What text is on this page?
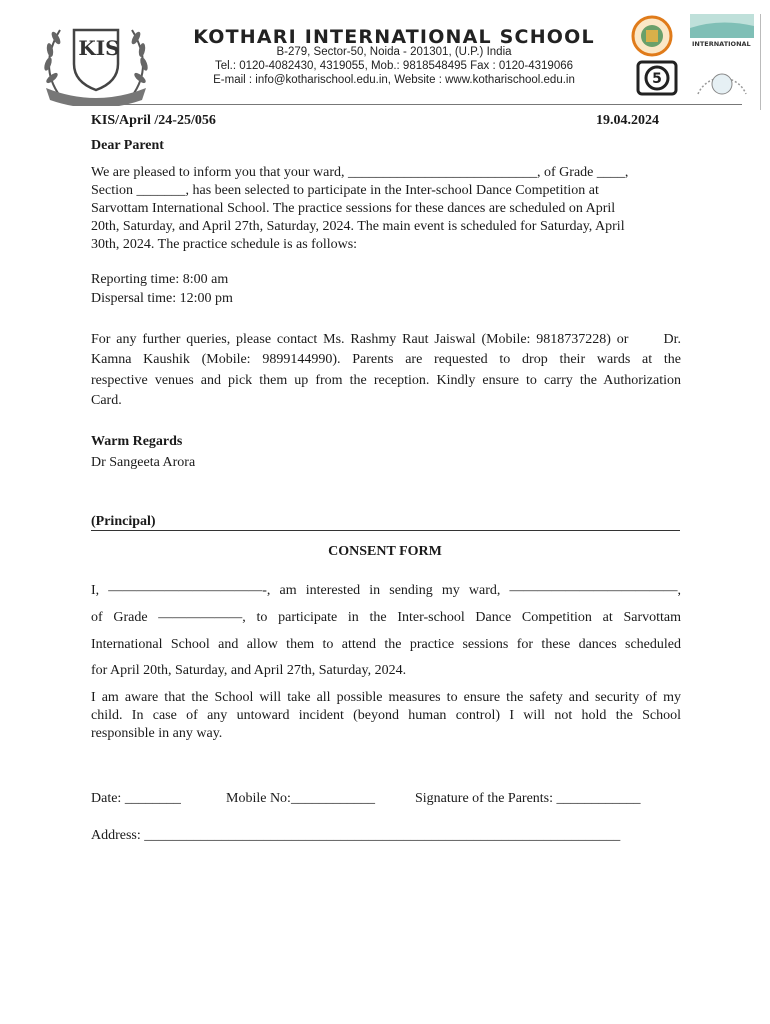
KIS	KOTHARI INTERNATIONAL SCHOOL
B-279, Sector-50, Noida - 201301, (U.P.) India
Tel.: 0120-4082430, 4319055, Mob.: 9818548495 Fax : 0120-4319066
E-mail : info@kotharischool.edu.in, Website : www.kotharischool.edu.in
INTERNATIONAL
5
KIS/April /24-25/056	19.04.2024
Dear Parent
We are pleased to inform you that your ward, ___________________________, of Grade ____,
Section _______, has been selected to participate in the Inter-school Dance Competition at
Sarvottam International School. The practice sessions for these dances are scheduled on April
20th, Saturday, and April 27th, Saturday, 2024. The main event is scheduled for Saturday, April
30th, 2024. The practice schedule is as follows:
Reporting time: 8:00 am
Dispersal time: 12:00 pm
For any further queries, please contact Ms. Rashmy Raut Jaiswal (Mobile: 9818737228) or      Dr.
Kamna Kaushik (Mobile: 9899144990). Parents are requested to drop their wards at the
respective venues and pick them up from the reception. Kindly ensure to carry the Authorization
Card.
Warm Regards
Dr Sangeeta Arora
(Principal)
CONSENT FORM
I, ———————————-, am interested in sending my ward, ————————————,
of Grade ——————, to participate in the Inter-school Dance Competition at Sarvottam
International School and allow them to attend the practice sessions for these dances scheduled
for April 20th, Saturday, and April 27th, Saturday, 2024.
I am aware that the School will take all possible measures to ensure the safety and security of my
child. In case of any untoward incident (beyond human control) I will not hold the School
responsible in any way.
Date: ________	Mobile No:____________	Signature of the Parents: ____________
Address: ____________________________________________________________________
